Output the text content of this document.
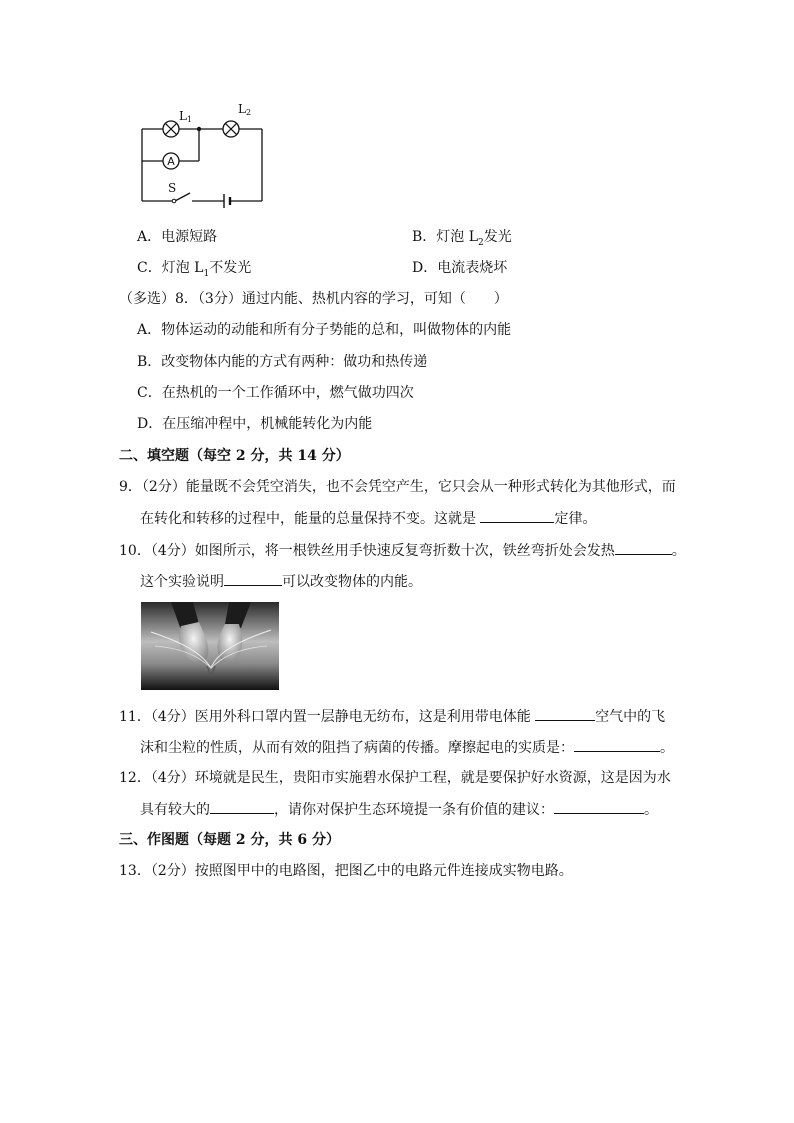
A
L1
L2
S
A．电源短路	B．灯泡 $L_2$发光
C．灯泡 $L_1$不发光	D．电流表烧坏
（多选）8．（3分）通过内能、热机内容的学习，可知（　　）
A．物体运动的动能和所有分子势能的总和，叫做物体的内能
B．改变物体内能的方式有两种：做功和热传递
C．在热机的一个工作循环中，燃气做功四次
D．在压缩冲程中，机械能转化为内能
二、填空题（每空 2 分，共 14 分）
9．（2分）能量既不会凭空消失，也不会凭空产生，它只会从一种形式转化为其他形式，而
在转化和转移的过程中，能量的总量保持不变。这就是	定律。
10．（4分）如图所示，将一根铁丝用手快速反复弯折数十次，铁丝弯折处会发热	。
这个实验说明	可以改变物体的内能。
11．（4分）医用外科口罩内置一层静电无纺布，这是利用带电体能	空气中的飞
沫和尘粒的性质，从而有效的阻挡了病菌的传播。摩擦起电的实质是：	。
12．（4分）环境就是民生，贵阳市实施碧水保护工程，就是要保护好水资源，这是因为水
具有较大的	，请你对保护生态环境提一条有价值的建议：	。
三、作图题（每题 2 分，共 6 分）
13．（2分）按照图甲中的电路图，把图乙中的电路元件连接成实物电路。
